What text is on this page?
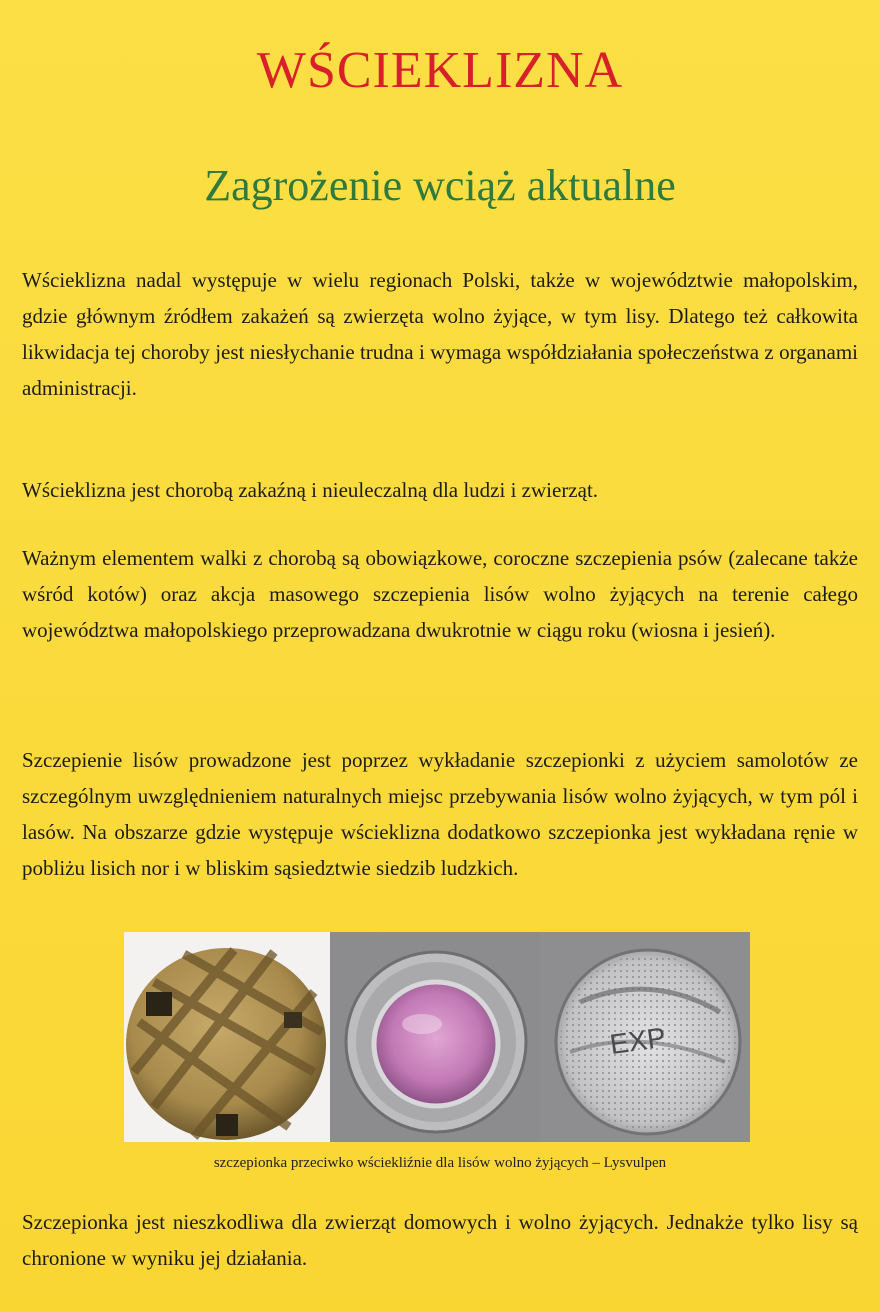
WŚCIEKLIZNA
Zagrożenie wciąż aktualne

Wścieklizna nadal występuje w wielu regionach Polski, także w województwie małopolskim, gdzie głównym źródłem zakażeń są zwierzęta wolno żyjące, w tym lisy. Dlatego też całkowita likwidacja tej choroby jest niesłychanie trudna i wymaga współdziałania społeczeństwa z organami administracji.

Wścieklizna jest chorobą zakaźną i nieuleczalną dla ludzi i zwierząt.

Ważnym elementem walki z chorobą są obowiązkowe, coroczne szczepienia psów (zalecane także wśród kotów) oraz akcja masowego szczepienia lisów wolno żyjących na terenie całego województwa małopolskiego przeprowadzana dwukrotnie w ciągu roku (wiosna i jesień).

Szczepienie lisów prowadzone jest poprzez wykładanie szczepionki z użyciem samolotów ze szczególnym uwzględnieniem naturalnych miejsc przebywania lisów wolno żyjących, w tym pól i lasów. Na obszarze gdzie występuje wścieklizna dodatkowo szczepionka jest wykładana ręnie w pobliżu lisich nor i w bliskim sąsiedztwie siedzib ludzkich.

EXP
szczepionka przeciwko wściekliźnie dla lisów wolno żyjących – Lysvulpen

Szczepionka jest nieszkodliwa dla zwierząt domowych i wolno żyjących. Jednakże tylko lisy są chronione w wyniku jej działania.
